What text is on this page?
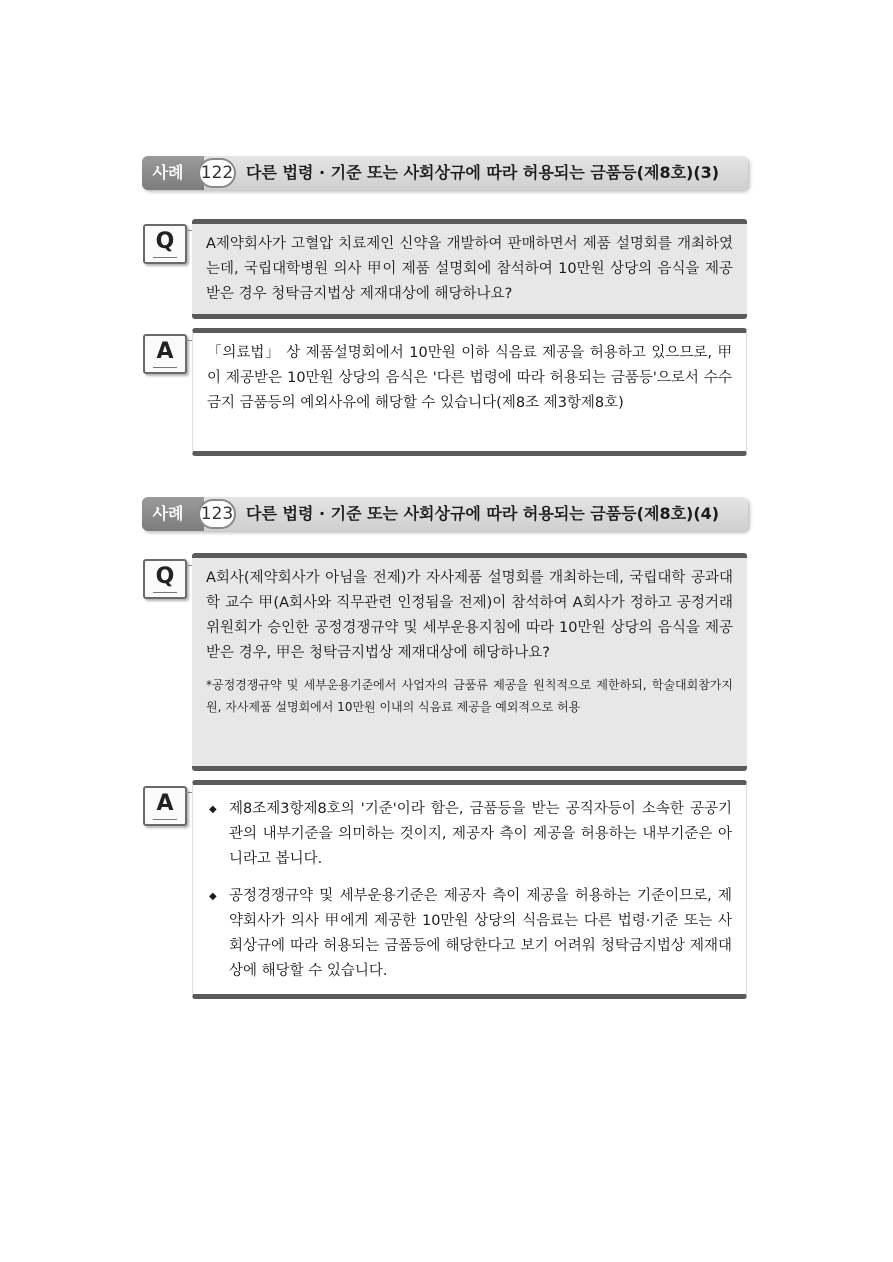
사례	122 다른 법령 · 기준 또는 사회상규에 따라 허용되는 금품등(제8호)(3)
Q	A제약회사가 고혈압 치료제인 신약을 개발하여 판매하면서 제품 설명회를 개최하였는데, 국립대학병원 의사 甲이 제품 설명회에 참석하여 10만원 상당의 음식을 제공받은 경우 청탁금지법상 제재대상에 해당하나요?

A	「의료법」 상 제품설명회에서 10만원 이하 식음료 제공을 허용하고 있으므로, 甲이 제공받은 10만원 상당의 음식은 '다른 법령에 따라 허용되는 금품등'으로서 수수 금지 금품등의 예외사유에 해당할 수 있습니다(제8조 제3항제8호)

사례	123 다른 법령 · 기준 또는 사회상규에 따라 허용되는 금품등(제8호)(4)
Q	A회사(제약회사가 아님을 전제)가 자사제품 설명회를 개최하는데, 국립대학 공과대학 교수 甲(A회사와 직무관련 인정됨을 전제)이 참석하여 A회사가 정하고 공정거래위원회가 승인한 공정경쟁규약 및 세부운용지침에 따라 10만원 상당의 음식을 제공받은 경우, 甲은 청탁금지법상 제재대상에 해당하나요?

*공정경쟁규약 및 세부운용기준에서 사업자의 금품류 제공을 원칙적으로 제한하되, 학술대회참가지원, 자사제품 설명회에서 10만원 이내의 식음료 제공을 예외적으로 허용

A

◆	제8조제3항제8호의 '기준'이라 함은, 금품등을 받는 공직자등이 소속한 공공기관의 내부기준을 의미하는 것이지, 제공자 측이 제공을 허용하는 내부기준은 아니라고 봅니다.

◆ 공정경쟁규약 및 세부운용기준은 제공자 측이 제공을 허용하는 기준이므로, 제약회사가 의사 甲에게 제공한 10만원 상당의 식음료는 다른 법령·기준 또는 사회상규에 따라 허용되는 금품등에 해당한다고 보기 어려워 청탁금지법상 제재대상에 해당할 수 있습니다.
